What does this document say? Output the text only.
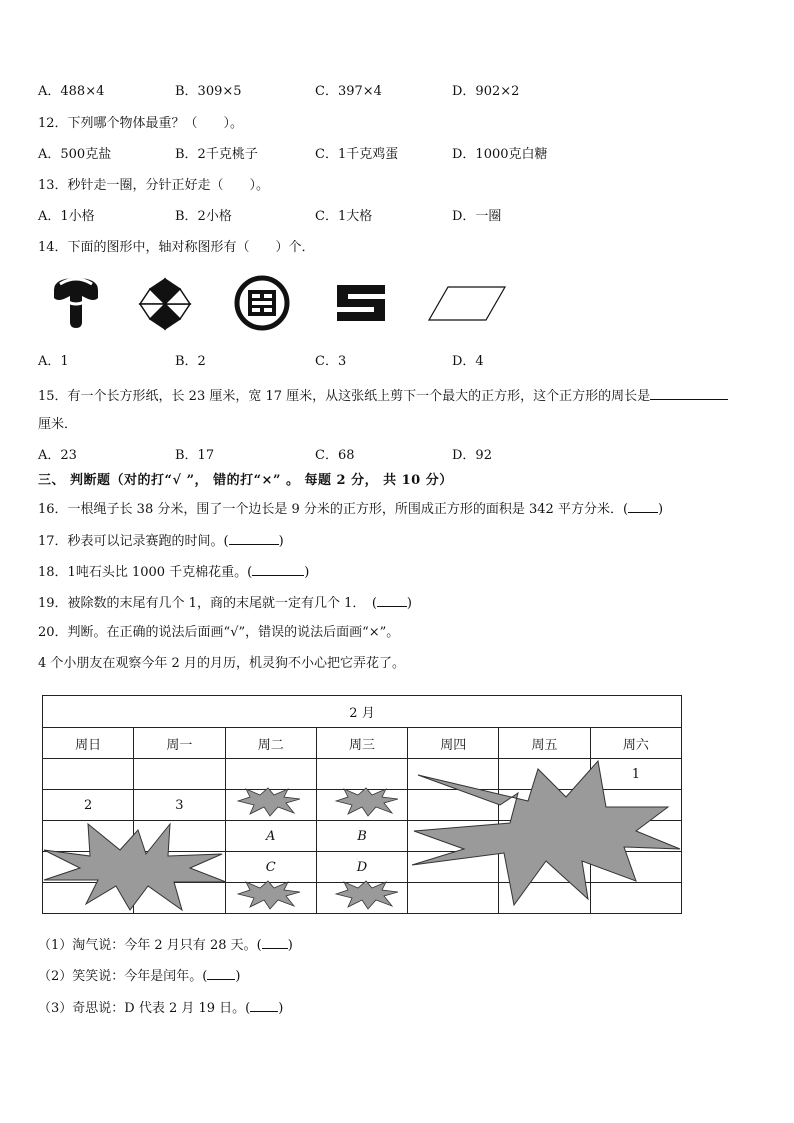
A．488×4	B．309×5	C．397×4	D．902×2
12．下列哪个物体最重？（　　）。
A．500克盐	B．2千克桃子	C．1千克鸡蛋	D．1000克白糖
13．秒针走一圈，分针正好走（　　）。
A．1小格	B．2小格	C．1大格	D．一圈
14．下面的图形中，轴对称图形有（　　）个．
A．1	B．2	C．3	D．4
15．有一个长方形纸，长 23 厘米，宽 17 厘米，从这张纸上剪下一个最大的正方形，这个正方形的周长是
厘米．
A．23	B．17	C．68	D．92
三、 判断题（对的打“√ ”， 错的打“×” 。 每题 2 分， 共 10 分）
16．一根绳子长 38 分米，围了一个边长是 9 分米的正方形，所围成正方形的面积是 342 平方分米．( )
17．秒表可以记录赛跑的时间。(	)
18．1吨石头比 1000 千克棉花重。(	)
19．被除数的末尾有几个 1，商的末尾就一定有几个 1．　( )
20．判断。在正确的说法后面画“√”，错误的说法后面画“×”。
4 个小朋友在观察今年 2 月的月历，机灵狗不小心把它弄花了。
2 月						
周日	周一	周二	周三	周四	周五	周六
						1
2	3					
		A	B			
		C	D			

（1）淘气说：今年 2 月只有 28 天。( )
（2）笑笑说：今年是闰年。( )
（3）奇思说：D 代表 2 月 19 日。( )
